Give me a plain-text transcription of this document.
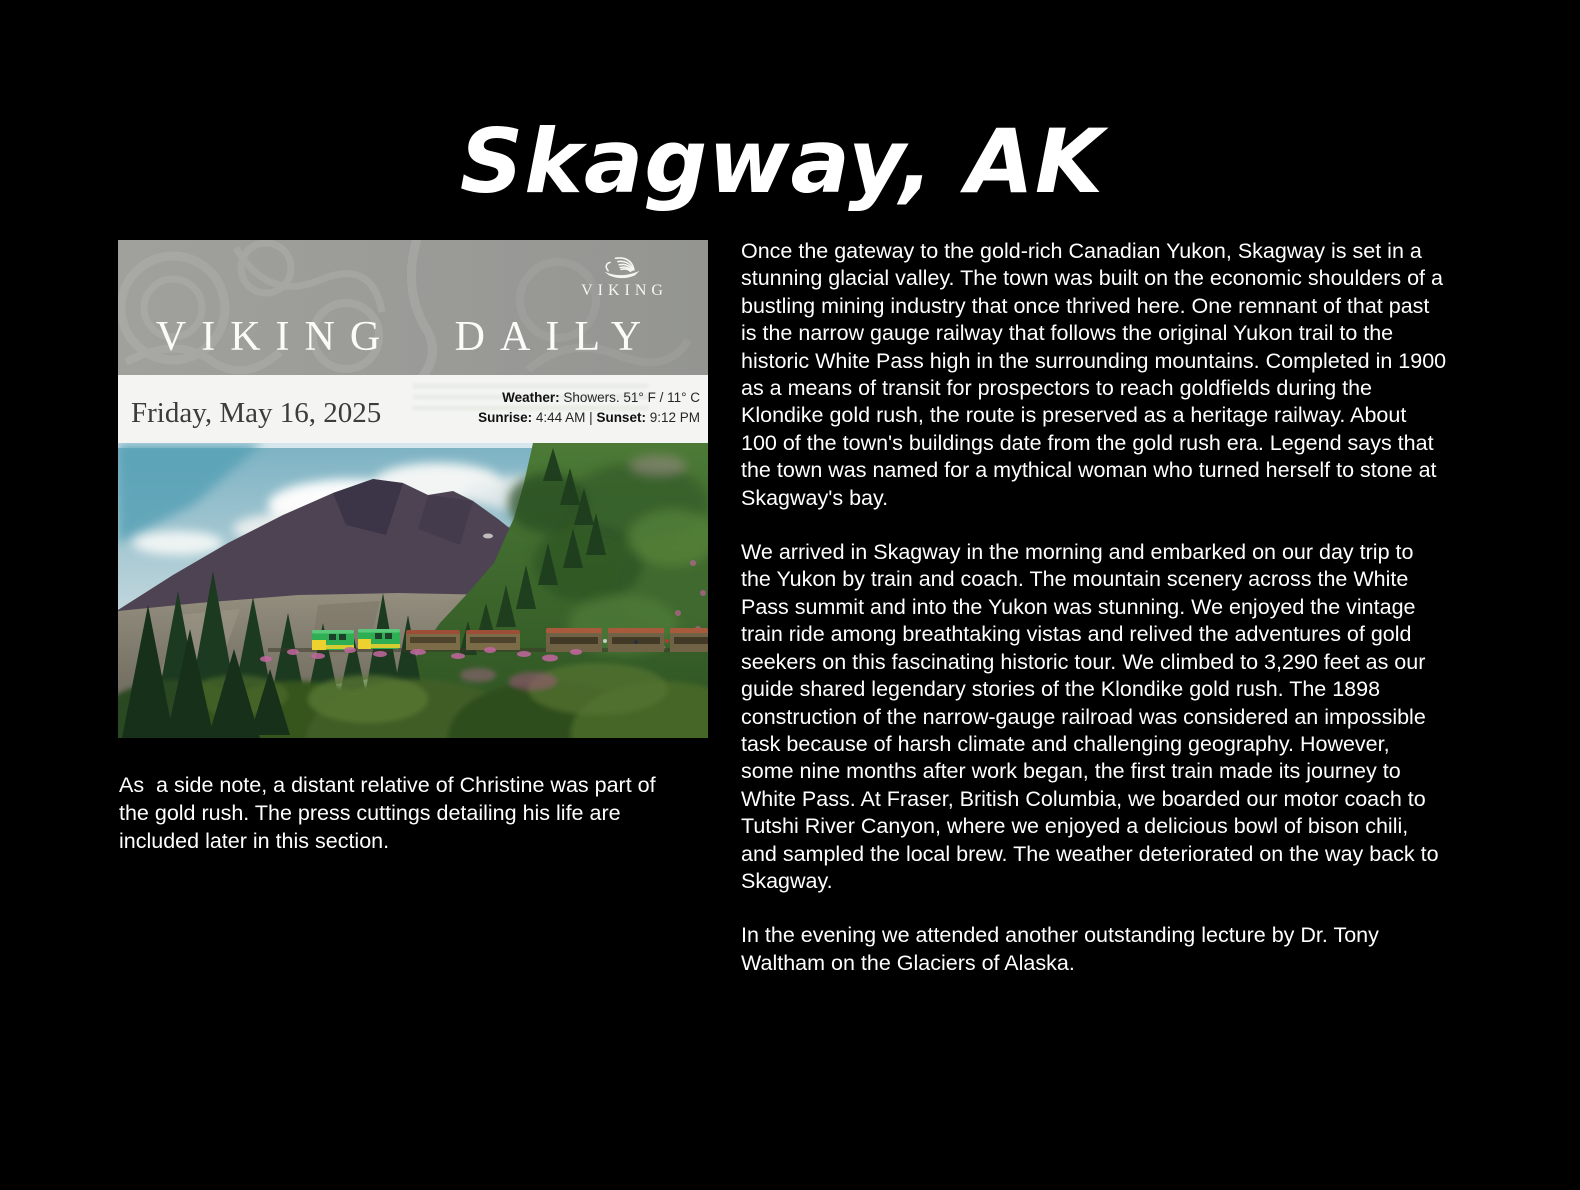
Skagway, AK
VIKING
VIKING DAILY
Friday, May 16, 2025	Weather: Showers. 51° F / 11° C
Sunrise: 4:44 AM | Sunset: 9:12 PM

As  a side note, a distant relative of Christine was part of the gold rush. The press cuttings detailing his life are included later in this section.

Once the gateway to the gold-rich Canadian Yukon, Skagway is set in a stunning glacial valley. The town was built on the economic shoulders of a bustling mining industry that once thrived here. One remnant of that past is the narrow gauge railway that follows the original Yukon trail to the historic White Pass high in the surrounding mountains. Completed in 1900 as a means of transit for prospectors to reach goldfields during the Klondike gold rush, the route is preserved as a heritage railway. About 100 of the town's buildings date from the gold rush era. Legend says that the town was named for a mythical woman who turned herself to stone at Skagway's bay.

We arrived in Skagway in the morning and embarked on our day trip to the Yukon by train and coach. The mountain scenery across the White Pass summit and into the Yukon was stunning. We enjoyed the vintage train ride among breathtaking vistas and relived the adventures of gold seekers on this fascinating historic tour. We climbed to 3,290 feet as our guide shared legendary stories of the Klondike gold rush. The 1898 construction of the narrow-gauge railroad was considered an impossible task because of harsh climate and challenging geography. However, some nine months after work began, the first train made its journey to White Pass. At Fraser, British Columbia, we boarded our motor coach to Tutshi River Canyon, where we enjoyed a delicious bowl of bison chili, and sampled the local brew. The weather deteriorated on the way back to Skagway.

In the evening we attended another outstanding lecture by Dr. Tony Waltham on the Glaciers of Alaska.
